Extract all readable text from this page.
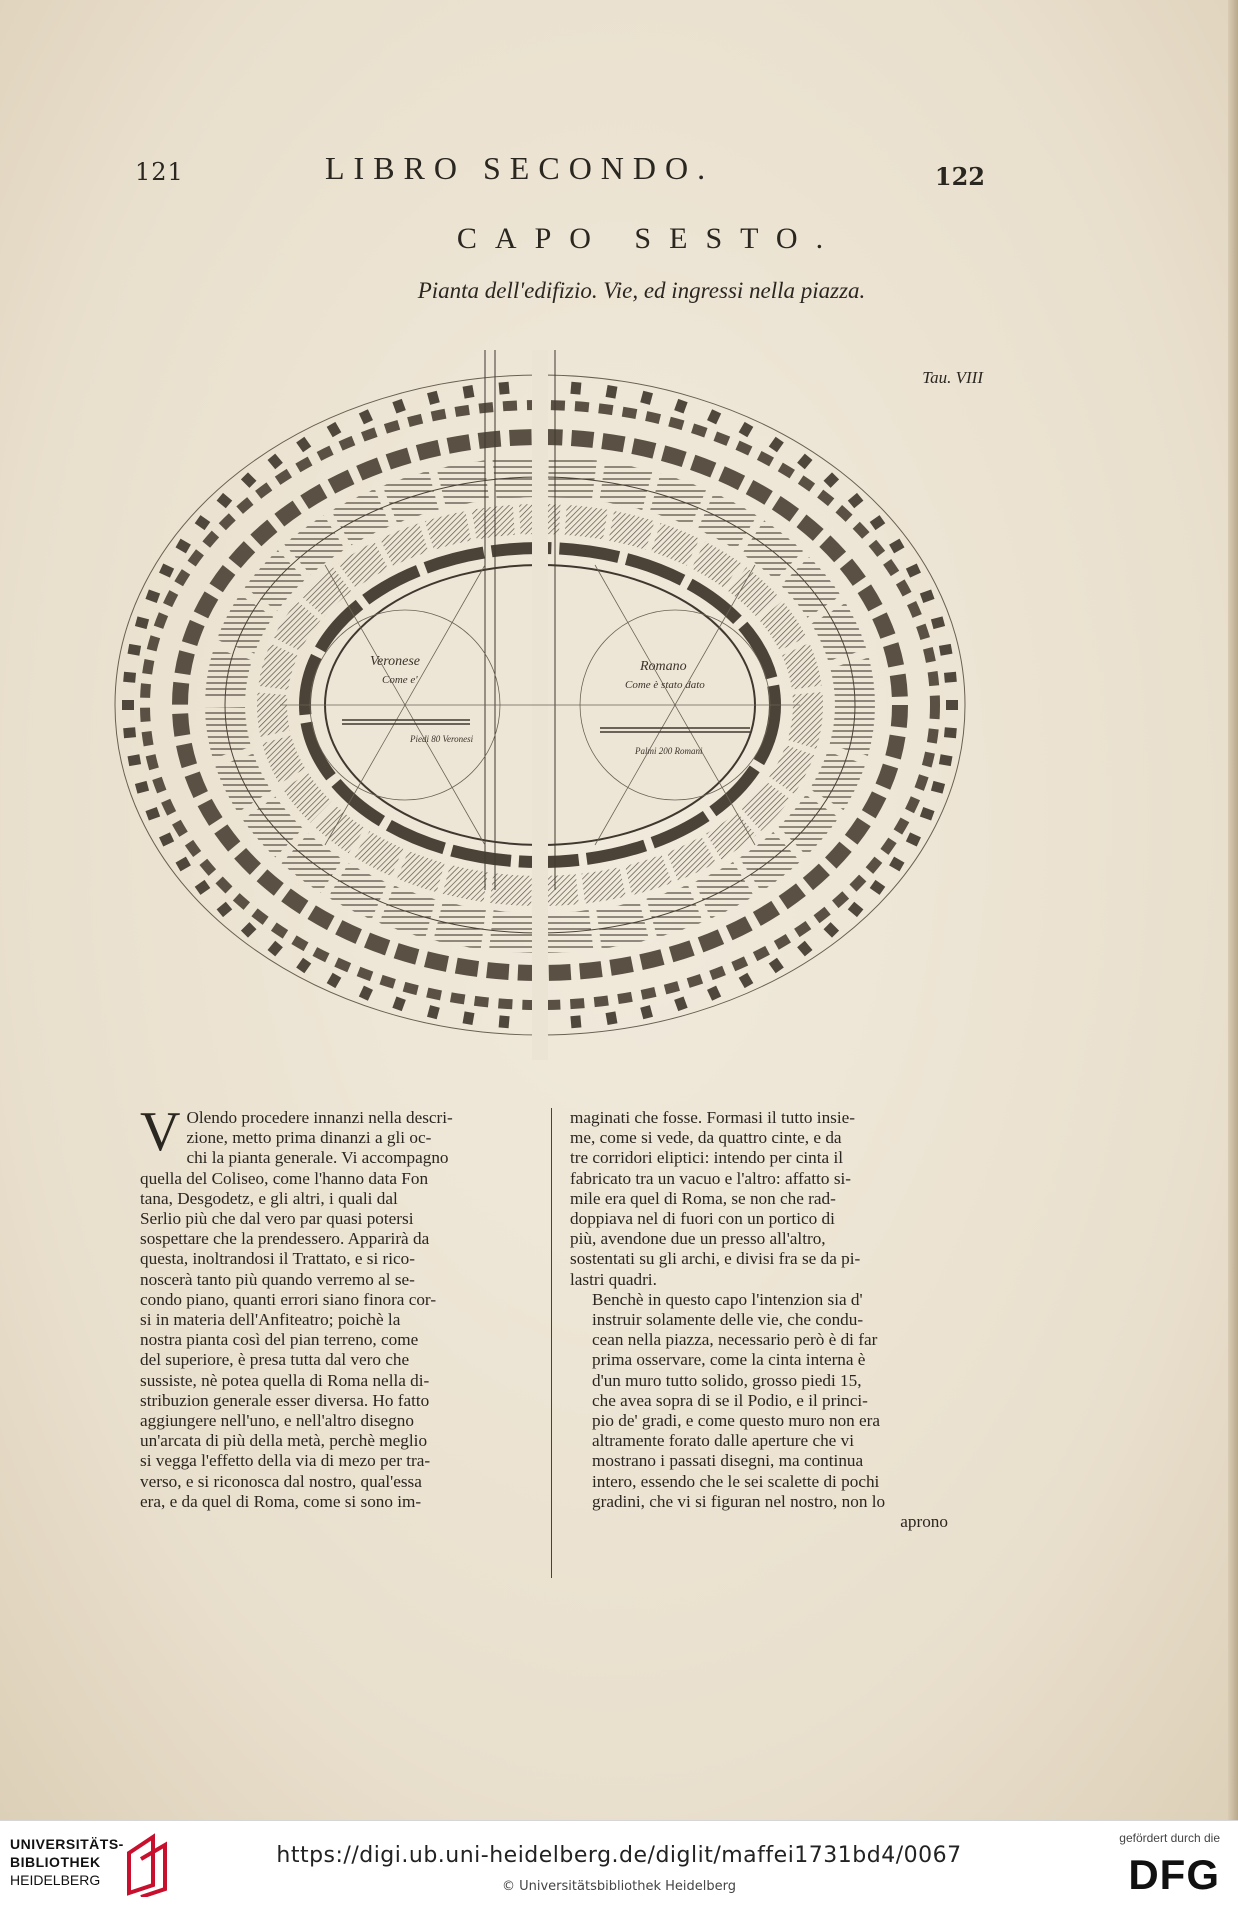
121	LIBRO SECONDO.	122
CAPO SESTO.
Pianta dell'edifizio. Vie, ed ingressi nella piazza.
Tau. VIII
Veronese
Come e'
Piedi 80 Veronesi
Romano
Come è stato dato
Palmi 200 Romani
V Olendo procedere innanzi nella descri-
zione, metto prima dinanzi a gli oc-
chi la pianta generale. Vi accompagno
quella del Coliseo, come l'hanno data Fon
tana, Desgodetz, e gli altri, i quali dal
Serlio più che dal vero par quasi potersi
sospettare che la prendessero. Apparirà da
questa, inoltrandosi il Trattato, e si rico-
noscerà tanto più quando verremo al se-
condo piano, quanti errori siano finora cor-
si in materia dell'Anfiteatro; poichè la
nostra pianta così del pian terreno, come
del superiore, è presa tutta dal vero che
sussiste, nè potea quella di Roma nella di-
stribuzion generale esser diversa. Ho fatto
aggiungere nell'uno, e nell'altro disegno
un'arcata di più della metà, perchè meglio
si vegga l'effetto della via di mezo per tra-
verso, e si riconosca dal nostro, qual'essa
era, e da quel di Roma, come si sono im-
maginati che fosse. Formasi il tutto insie-
me, come si vede, da quattro cinte, e da
tre corridori eliptici: intendo per cinta il
fabricato tra un vacuo e l'altro: affatto si-
mile era quel di Roma, se non che rad-
doppiava nel di fuori con un portico di
più, avendone due un presso all'altro,
sostentati su gli archi, e divisi fra se da pi-
lastri quadri.
Benchè in questo capo l'intenzion sia d'
instruir solamente delle vie, che condu-
cean nella piazza, necessario però è di far
prima osservare, come la cinta interna è
d'un muro tutto solido, grosso piedi 15,
che avea sopra di se il Podio, e il princi-
pio de' gradi, e come questo muro non era
altramente forato dalle aperture che vi
mostrano i passati disegni, ma continua
intero, essendo che le sei scalette di pochi
gradini, che vi si figuran nel nostro, non lo

aprono

UNIVERSITÄTS-
BIBLIOTHEK
HEIDELBERG
https://digi.ub.uni-heidelberg.de/diglit/maffei1731bd4/0067
© Universitätsbibliothek Heidelberg
gefördert durch die
DFG
